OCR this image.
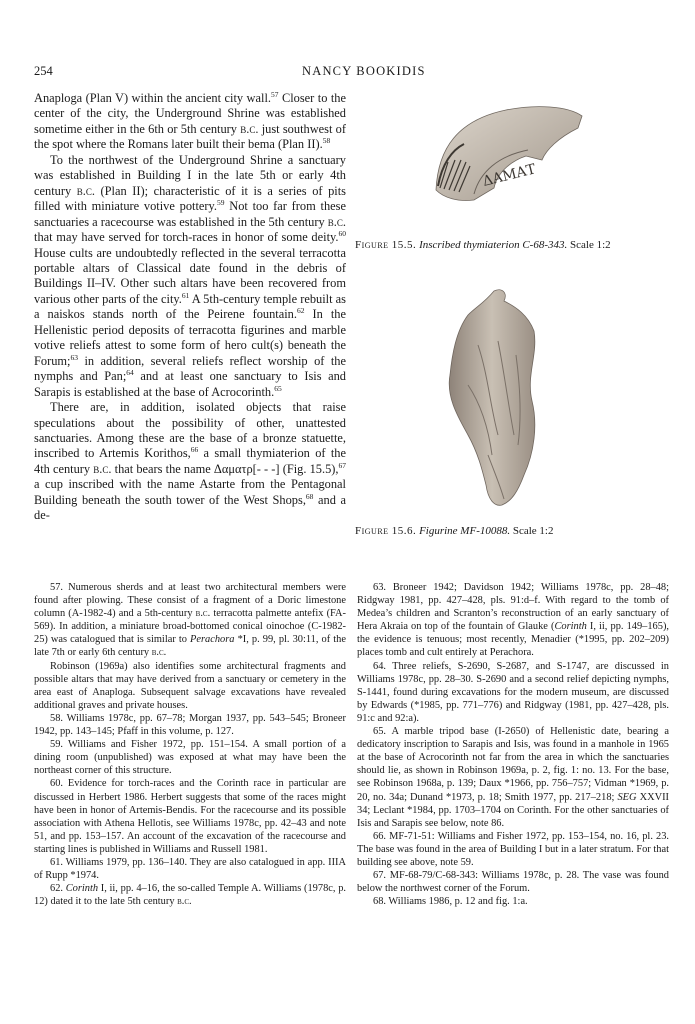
254	NANCY BOOKIDIS

Anaploga (Plan V) within the ancient city wall.$^{57}$ Closer to the center of the city, the Underground Shrine was established sometime either in the 6th or 5th century b.c. just southwest of the spot where the Romans later built their bema (Plan II).$^{58}$

To the northwest of the Underground Shrine a sanctuary was established in Building I in the late 5th or early 4th century b.c. (Plan II); characteristic of it is a series of pits filled with miniature votive pottery.$^{59}$ Not too far from these sanctuaries a racecourse was established in the 5th century b.c. that may have served for torch-races in honor of some deity.$^{60}$ House cults are undoubtedly reflected in the several terracotta portable altars of Classical date found in the debris of Buildings II–IV. Other such altars have been recovered from various other parts of the city.$^{61}$ A 5th-century temple rebuilt as a naiskos stands north of the Peirene fountain.$^{62}$ In the Hellenistic period deposits of terracotta figurines and marble votive reliefs attest to some form of hero cult(s) beneath the Forum;$^{63}$ in addition, several reliefs reflect worship of the nymphs and Pan;$^{64}$ and at least one sanctuary to Isis and Sarapis is established at the base of Acrocorinth.$^{65}$

There are, in addition, isolated objects that raise speculations about the possibility of other, unattested sanctuaries. Among these are the base of a bronze statuette, inscribed to Artemis Korithos,$^{66}$ a small thymiaterion of the 4th century b.c. that bears the name Δαματρ[- - -] (Fig. 15.5),$^{67}$ a cup inscribed with the name Astarte from the Pentagonal Building beneath the south tower of the West Shops,$^{68}$ and a de-

ΔΑΜΑΤ
Figure 15.5. Inscribed thymiaterion C-68-343. Scale 1:2
Figure 15.6. Figurine MF-10088. Scale 1:2

57. Numerous sherds and at least two architectural members were found after plowing. These consist of a fragment of a Doric limestone column (A-1982-4) and a 5th-century b.c. terracotta palmette antefix (FA-569). In addition, a miniature broad-bottomed conical oinochoe (C-1982-25) was catalogued that is similar to Perachora *I, p. 99, pl. 30:11, of the late 7th or early 6th century b.c.

Robinson (1969a) also identifies some architectural fragments and possible altars that may have derived from a sanctuary or cemetery in the area east of Anaploga. Subsequent salvage excavations have revealed additional graves and private houses.

58. Williams 1978c, pp. 67–78; Morgan 1937, pp. 543–545; Broneer 1942, pp. 143–145; Pfaff in this volume, p. 127.

59. Williams and Fisher 1972, pp. 151–154. A small portion of a dining room (unpublished) was exposed at what may have been the northeast corner of this structure.

60. Evidence for torch-races and the Corinth race in particular are discussed in Herbert 1986. Herbert suggests that some of the races might have been in honor of Artemis-Bendis. For the racecourse and its possible association with Athena Hellotis, see Williams 1978c, pp. 42–43 and note 51, and pp. 153–157. An account of the excavation of the racecourse and starting lines is published in Williams and Russell 1981.

61. Williams 1979, pp. 136–140. They are also catalogued in app. IIIA of Rupp *1974.

62. Corinth I, ii, pp. 4–16, the so-called Temple A. Williams (1978c, p. 12) dated it to the late 5th century b.c.

63. Broneer 1942; Davidson 1942; Williams 1978c, pp. 28–48; Ridgway 1981, pp. 427–428, pls. 91:d–f. With regard to the tomb of Medea’s children and Scranton’s reconstruction of an early sanctuary of Hera Akraia on top of the fountain of Glauke (Corinth I, ii, pp. 149–165), the evidence is tenuous; most recently, Menadier (*1995, pp. 202–209) places tomb and cult entirely at Perachora.

64. Three reliefs, S-2690, S-2687, and S-1747, are discussed in Williams 1978c, pp. 28–30. S-2690 and a second relief depicting nymphs, S-1441, found during excavations for the modern museum, are discussed by Edwards (*1985, pp. 771–776) and Ridgway (1981, pp. 427–428, pls. 91:c and 92:a).

65. A marble tripod base (I-2650) of Hellenistic date, bearing a dedicatory inscription to Sarapis and Isis, was found in a manhole in 1965 at the base of Acrocorinth not far from the area in which the sanctuaries should lie, as shown in Robinson 1969a, p. 2, fig. 1: no. 13. For the base, see Robinson 1968a, p. 139; Daux *1966, pp. 756–757; Vidman *1969, p. 20, no. 34a; Dunand *1973, p. 18; Smith 1977, pp. 217–218; SEG XXVII 34; Leclant *1984, pp. 1703–1704 on Corinth. For the other sanctuaries of Isis and Sarapis see below, note 86.

66. MF-71-51: Williams and Fisher 1972, pp. 153–154, no. 16, pl. 23. The base was found in the area of Building I but in a later stratum. For that building see above, note 59.

67. MF-68-79/C-68-343: Williams 1978c, p. 28. The vase was found below the northwest corner of the Forum.

68. Williams 1986, p. 12 and fig. 1:a.
